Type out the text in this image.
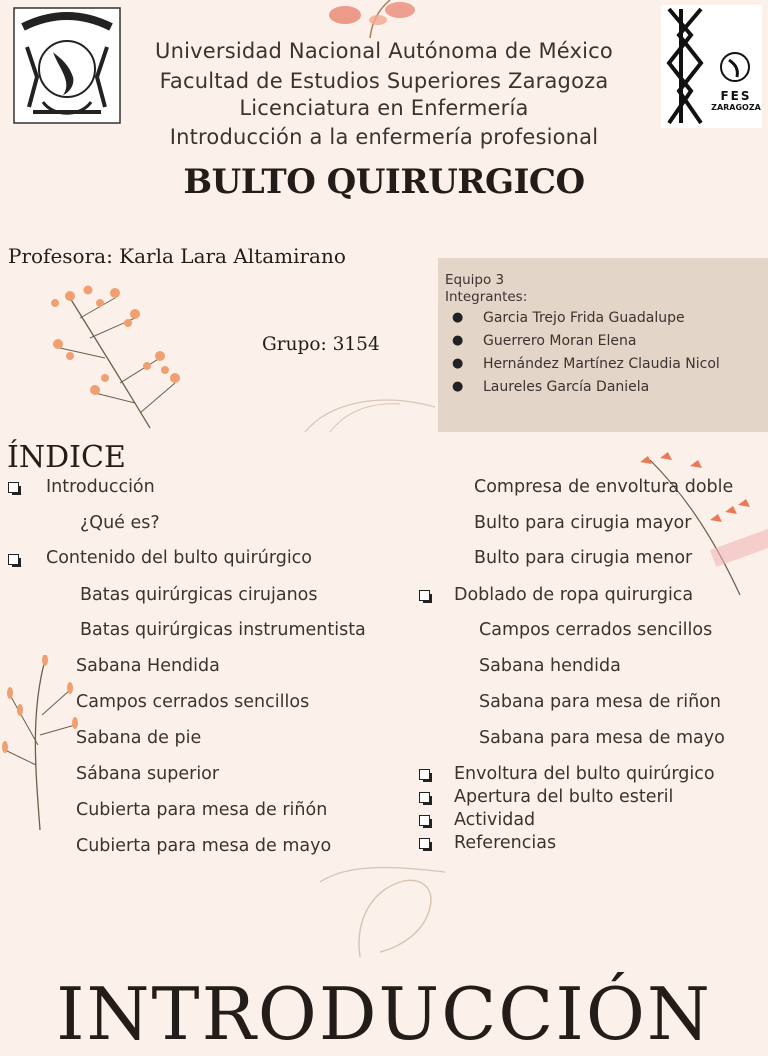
FES
ZARAGOZA
Universidad Nacional Autónoma de México
Facultad de Estudios Superiores Zaragoza
Licenciatura en Enfermería
Introducción a la enfermería profesional
BULTO QUIRURGICO
Profesora: Karla Lara Altamirano
Grupo: 3154
Equipo 3
Integrantes:
● Garcia Trejo Frida Guadalupe
● Guerrero Moran Elena
● Hernández Martínez Claudia Nicol
● Laureles García Daniela
ÍNDICE
Introducción
¿Qué es?
Contenido del bulto quirúrgico
Batas quirúrgicas cirujanos
Batas quirúrgicas instrumentista
Sabana Hendida
Campos cerrados sencillos
Sabana de pie
Sábana superior
Cubierta para mesa de riñón
Cubierta para mesa de mayo
Compresa de envoltura doble
Bulto para cirugia mayor
Bulto para cirugia menor
Doblado de ropa quirurgica
Campos cerrados sencillos
Sabana hendida
Sabana para mesa de riñon
Sabana para mesa de mayo
Envoltura del bulto quirúrgico
Apertura del bulto esteril
Actividad
Referencias
INTRODUCCIÓN
